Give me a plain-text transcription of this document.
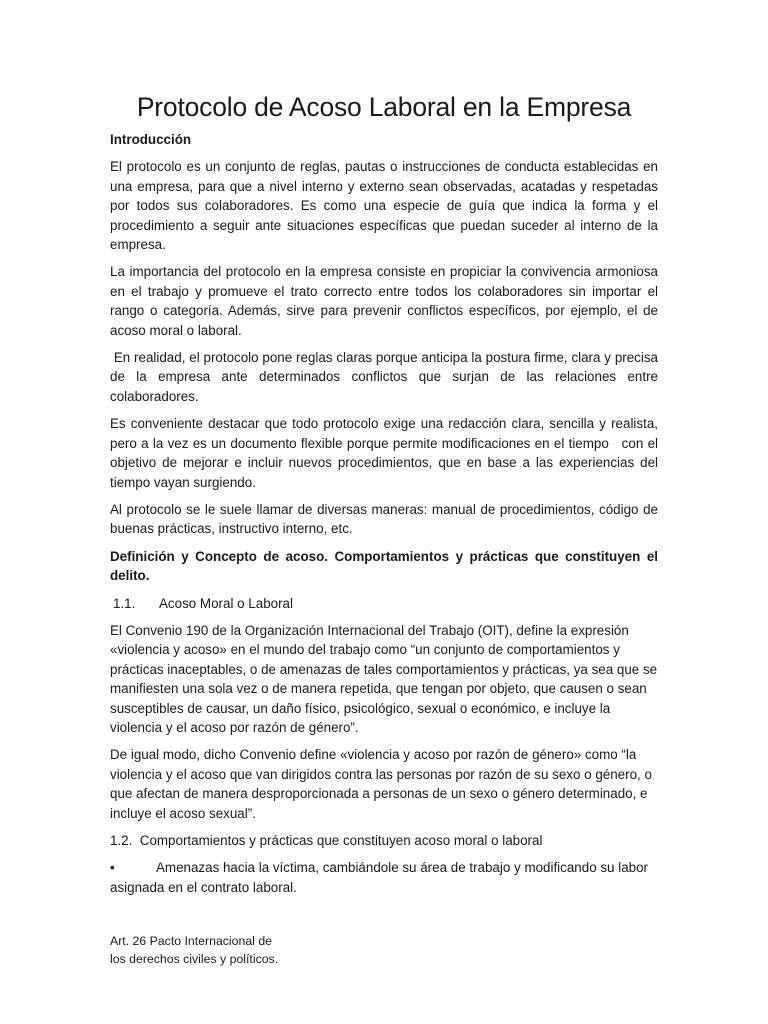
Protocolo de Acoso Laboral en la Empresa
Introducción

El protocolo es un conjunto de reglas, pautas o instrucciones de conducta establecidas en una empresa, para que a nivel interno y externo sean observadas, acatadas y respetadas por todos sus colaboradores. Es como una especie de guía que indica la forma y el procedimiento a seguir ante situaciones específicas que puedan suceder al interno de la empresa.

La importancia del protocolo en la empresa consiste en propiciar la convivencia armoniosa en el trabajo y promueve el trato correcto entre todos los colaboradores sin importar el rango o categoría. Además, sirve para prevenir conflictos específicos, por ejemplo, el de acoso moral o laboral.

En realidad, el protocolo pone reglas claras porque anticipa la postura firme, clara y precisa de la empresa ante determinados conflictos que surjan de las relaciones entre colaboradores.

Es conveniente destacar que todo protocolo exige una redacción clara, sencilla y realista, pero a la vez es un documento flexible porque permite modificaciones en el tiempo   con el objetivo de mejorar e incluir nuevos procedimientos, que en base a las experiencias del tiempo vayan surgiendo.

Al protocolo se le suele llamar de diversas maneras: manual de procedimientos, código de buenas prácticas, instructivo interno, etc.

Definición y Concepto de acoso. Comportamientos y prácticas que constituyen el delito.
1.1. Acoso Moral o Laboral

El Convenio 190 de la Organización Internacional del Trabajo (OIT), define la expresión «violencia y acoso» en el mundo del trabajo como “un conjunto de comportamientos y prácticas inaceptables, o de amenazas de tales comportamientos y prácticas, ya sea que se manifiesten una sola vez o de manera repetida, que tengan por objeto, que causen o sean susceptibles de causar, un daño físico, psicológico, sexual o económico, e incluye la violencia y el acoso por razón de género”.

De igual modo, dicho Convenio define «violencia y acoso por razón de género» como “la violencia y el acoso que van dirigidos contra las personas por razón de su sexo o género, o que afectan de manera desproporcionada a personas de un sexo o género determinado, e incluye el acoso sexual”.

1.2.  Comportamientos y prácticas que constituyen acoso moral o laboral

•	Amenazas hacia la víctima, cambiándole su área de trabajo y modificando su labor asignada en el contrato laboral.

Art. 26 Pacto Internacional de
los derechos civiles y políticos.
